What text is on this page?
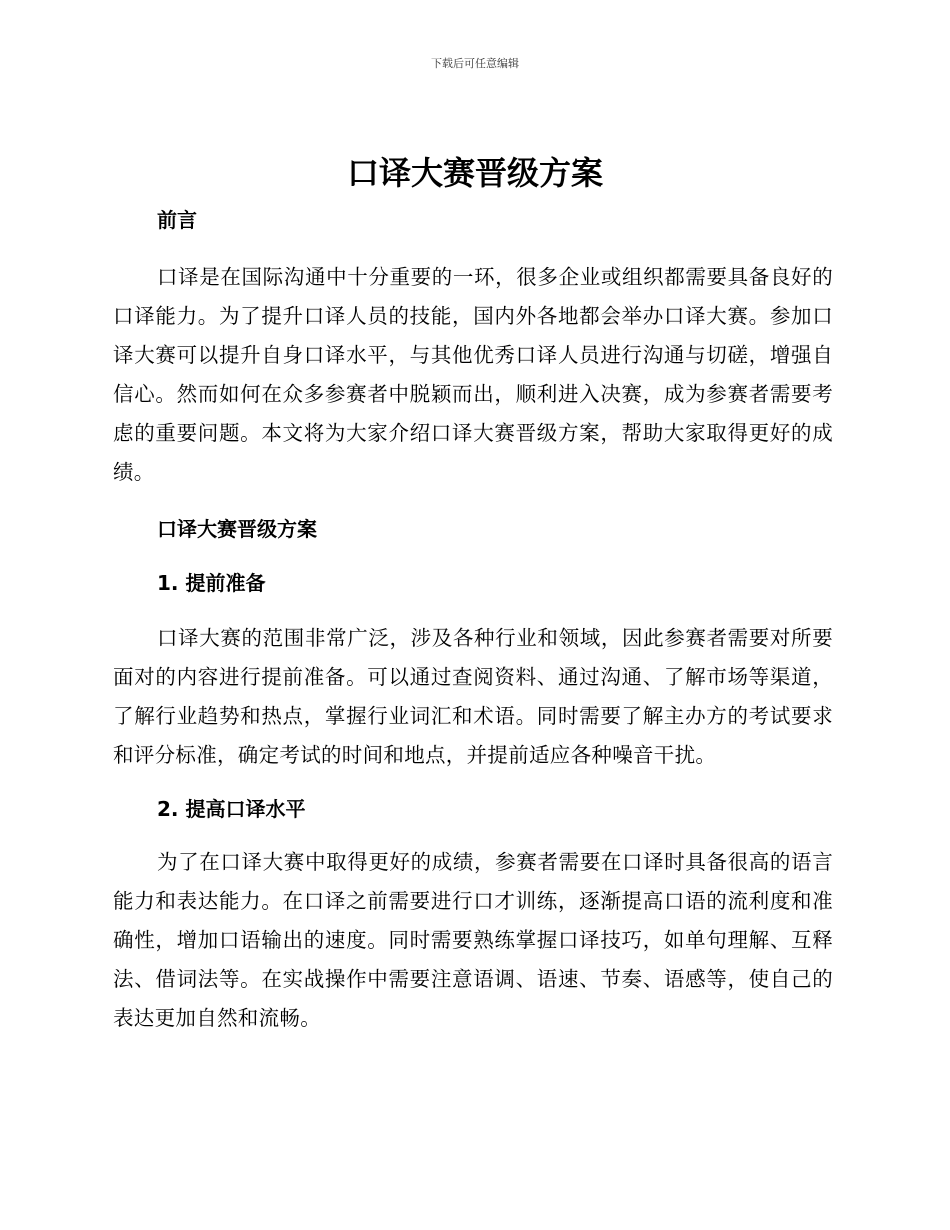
下载后可任意编辑
口译大赛晋级方案

前言

口译是在国际沟通中十分重要的一环，很多企业或组织都需要具备良好的口译能力。为了提升口译人员的技能，国内外各地都会举办口译大赛。参加口译大赛可以提升自身口译水平，与其他优秀口译人员进行沟通与切磋，增强自信心。然而如何在众多参赛者中脱颖而出，顺利进入决赛，成为参赛者需要考虑的重要问题。本文将为大家介绍口译大赛晋级方案，帮助大家取得更好的成绩。

口译大赛晋级方案

1. 提前准备

口译大赛的范围非常广泛，涉及各种行业和领域，因此参赛者需要对所要面对的内容进行提前准备。可以通过查阅资料、通过沟通、了解市场等渠道，了解行业趋势和热点，掌握行业词汇和术语。同时需要了解主办方的考试要求和评分标准，确定考试的时间和地点，并提前适应各种噪音干扰。

2. 提高口译水平

为了在口译大赛中取得更好的成绩，参赛者需要在口译时具备很高的语言能力和表达能力。在口译之前需要进行口才训练，逐渐提高口语的流利度和准确性，增加口语输出的速度。同时需要熟练掌握口译技巧，如单句理解、互释法、借词法等。在实战操作中需要注意语调、语速、节奏、语感等，使自己的表达更加自然和流畅。
